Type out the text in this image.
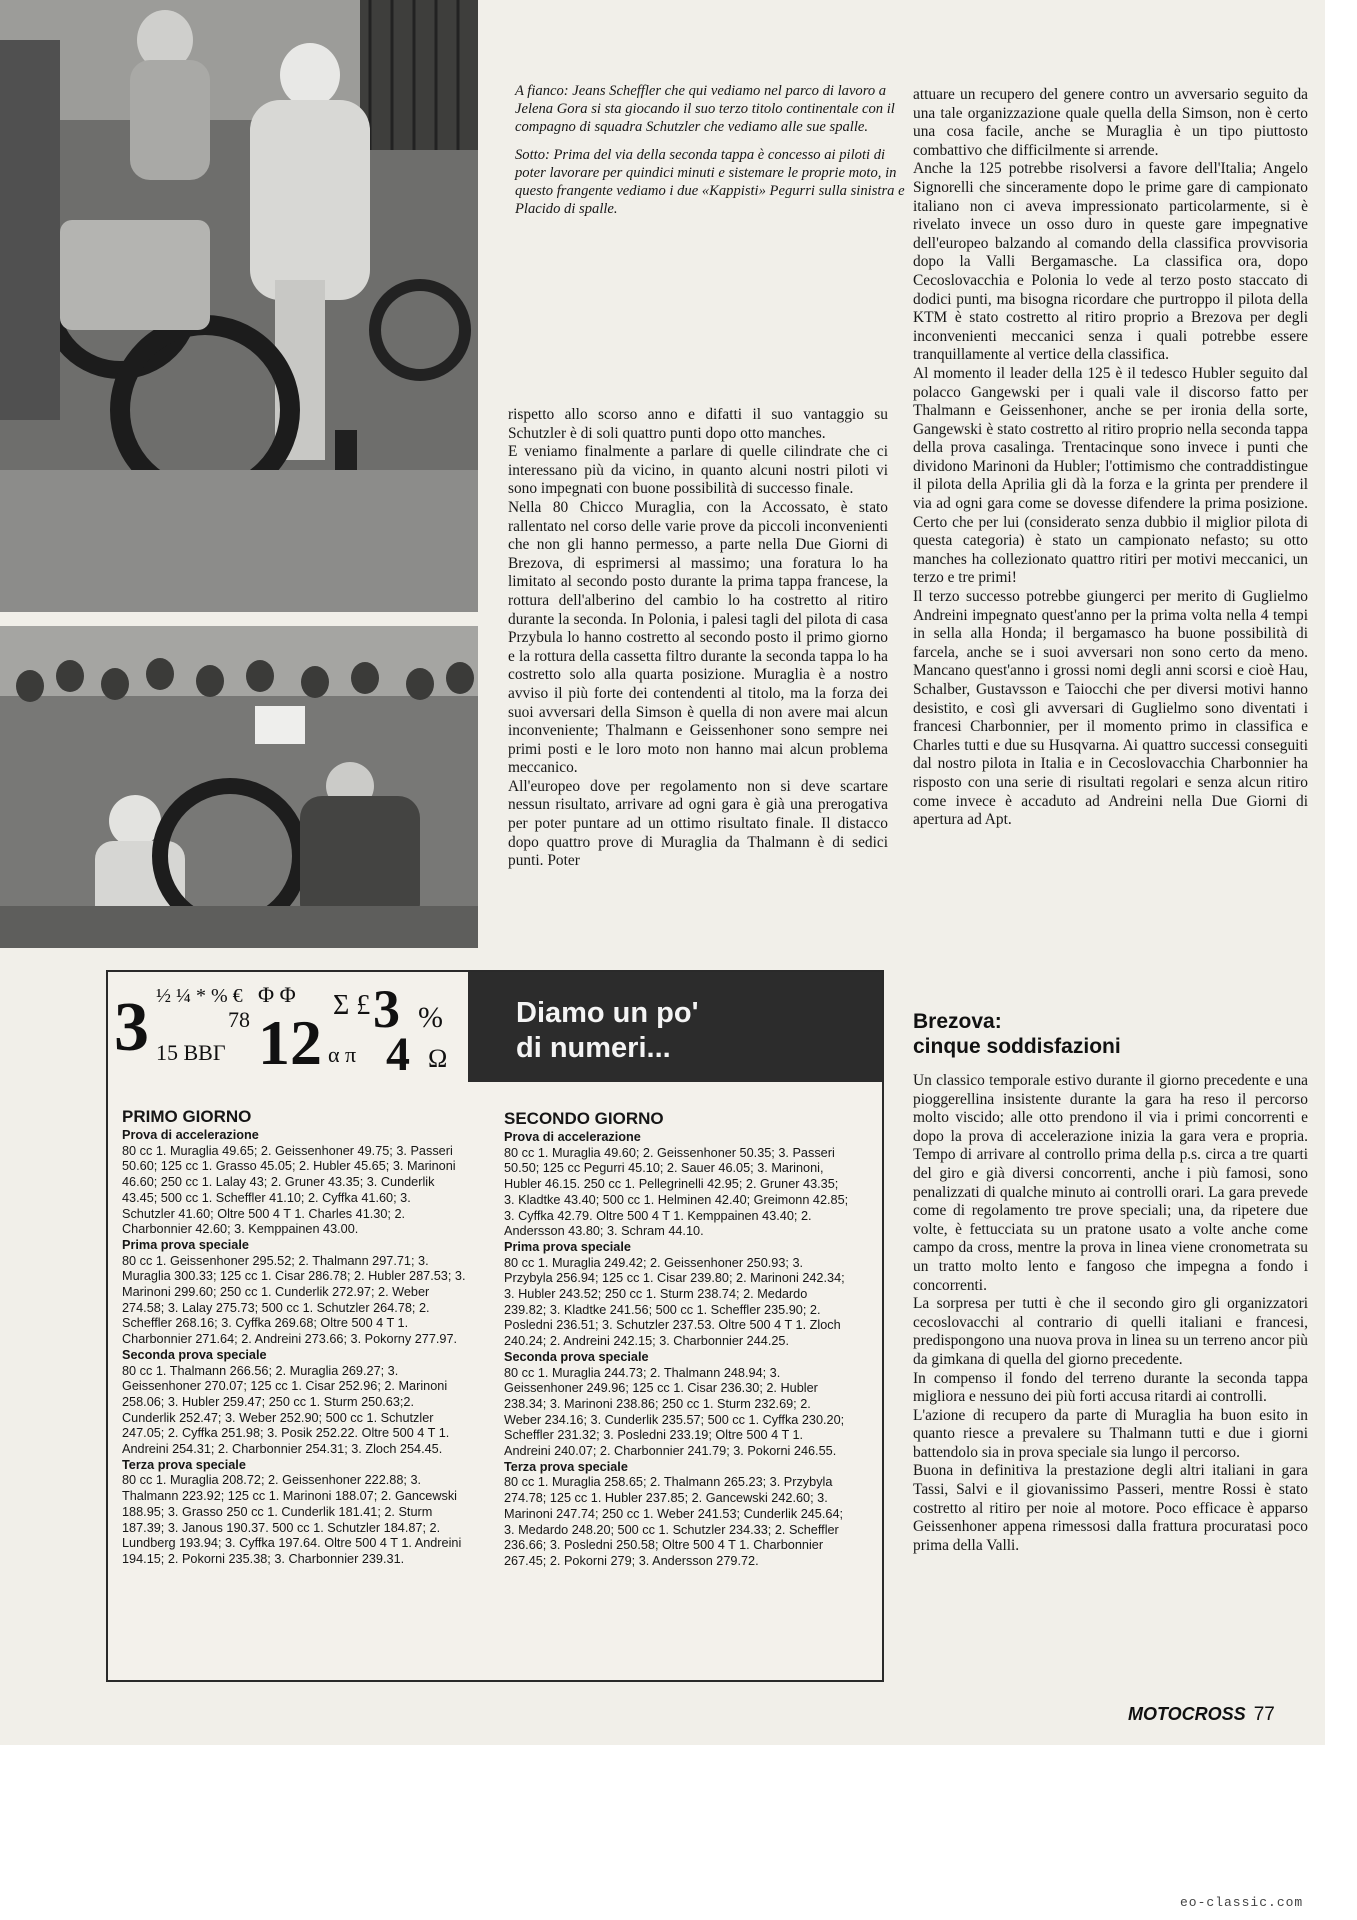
A fianco: Jeans Scheffler che qui vediamo nel parco di lavoro a Jelena Gora si sta giocando il suo terzo titolo continentale con il compagno di squadra Schutzler che vediamo alle sue spalle.

Sotto: Prima del via della seconda tappa è concesso ai piloti di poter lavorare per quindici minuti e sistemare le proprie moto, in questo frangente vediamo i due «Kappisti» Pegurri sulla sinistra e Placido di spalle.

rispetto allo scorso anno e difatti il suo vantaggio su Schutzler è di soli quattro punti dopo otto manches.

E veniamo finalmente a parlare di quelle cilindrate che ci interessano più da vicino, in quanto alcuni nostri piloti vi sono impegnati con buone possibilità di successo finale.

Nella 80 Chicco Muraglia, con la Accossato, è stato rallentato nel corso delle varie prove da piccoli inconvenienti che non gli hanno permesso, a parte nella Due Giorni di Brezova, di esprimersi al massimo; una foratura lo ha limitato al secondo posto durante la prima tappa francese, la rottura dell'alberino del cambio lo ha costretto al ritiro durante la seconda. In Polonia, i palesi tagli del pilota di casa Przybula lo hanno costretto al secondo posto il primo giorno e la rottura della cassetta filtro durante la seconda tappa lo ha costretto solo alla quarta posizione. Muraglia è a nostro avviso il più forte dei contendenti al titolo, ma la forza dei suoi avversari della Simson è quella di non avere mai alcun inconveniente; Thalmann e Geissenhoner sono sempre nei primi posti e le loro moto non hanno mai alcun problema meccanico.

All'europeo dove per regolamento non si deve scartare nessun risultato, arrivare ad ogni gara è già una prerogativa per poter puntare ad un ottimo risultato finale. Il distacco dopo quattro prove di Muraglia da Thalmann è di sedici punti. Poter

attuare un recupero del genere contro un avversario seguito da una tale organizzazione quale quella della Simson, non è certo una cosa facile, anche se Muraglia è un tipo piuttosto combattivo che difficilmente si arrende.

Anche la 125 potrebbe risolversi a favore dell'Italia; Angelo Signorelli che sinceramente dopo le prime gare di campionato italiano non ci aveva impressionato particolarmente, si è rivelato invece un osso duro in queste gare impegnative dell'europeo balzando al comando della classifica provvisoria dopo la Valli Bergamasche. La classifica ora, dopo Cecoslovacchia e Polonia lo vede al terzo posto staccato di dodici punti, ma bisogna ricordare che purtroppo il pilota della KTM è stato costretto al ritiro proprio a Brezova per degli inconvenienti meccanici senza i quali potrebbe essere tranquillamente al vertice della classifica.

Al momento il leader della 125 è il tedesco Hubler seguito dal polacco Gangewski per i quali vale il discorso fatto per Thalmann e Geissenhoner, anche se per ironia della sorte, Gangewski è stato costretto al ritiro proprio nella seconda tappa della prova casalinga. Trentacinque sono invece i punti che dividono Marinoni da Hubler; l'ottimismo che contraddistingue il pilota della Aprilia gli dà la forza e la grinta per prendere il via ad ogni gara come se dovesse difendere la prima posizione. Certo che per lui (considerato senza dubbio il miglior pilota di questa categoria) è stato un campionato nefasto; su otto manches ha collezionato quattro ritiri per motivi meccanici, un terzo e tre primi!

Il terzo successo potrebbe giungerci per merito di Guglielmo Andreini impegnato quest'anno per la prima volta nella 4 tempi in sella alla Honda; il bergamasco ha buone possibilità di farcela, anche se i suoi avversari non sono certo da meno. Mancano quest'anno i grossi nomi degli anni scorsi e cioè Hau, Schalber, Gustavsson e Taiocchi che per diversi motivi hanno desistito, e così gli avversari di Guglielmo sono diventati i francesi Charbonnier, per il momento primo in classifica e Charles tutti e due su Husqvarna. Ai quattro successi conseguiti dal nostro pilota in Italia e in Cecoslovacchia Charbonnier ha risposto con una serie di risultati regolari e senza alcun ritiro come invece è accaduto ad Andreini nella Due Giorni di apertura ad Apt.

Brezova:
cinque soddisfazioni

Un classico temporale estivo durante il giorno precedente e una pioggerellina insistente durante la gara ha reso il percorso molto viscido; alle otto prendono il via i primi concorrenti e dopo la prova di accelerazione inizia la gara vera e propria. Tempo di arrivare al controllo prima della p.s. circa a tre quarti del giro e già diversi concorrenti, anche i più famosi, sono penalizzati di qualche minuto ai controlli orari. La gara prevede come di regolamento tre prove speciali; una, da ripetere due volte, è fettucciata su un pratone usato a volte anche come campo da cross, mentre la prova in linea viene cronometrata su un tratto molto lento e fangoso che impegna a fondo i concorrenti.

La sorpresa per tutti è che il secondo giro gli organizzatori cecoslovacchi al contrario di quelli italiani e francesi, predispongono una nuova prova in linea su un terreno ancor più da gimkana di quella del giorno precedente.

In compenso il fondo del terreno durante la seconda tappa migliora e nessuno dei più forti accusa ritardi ai controlli.

L'azione di recupero da parte di Muraglia ha buon esito in quanto riesce a prevalere su Thalmann tutti e due i giorni battendolo sia in prova speciale sia lungo il percorso.

Buona in definitiva la prestazione degli altri italiani in gara Tassi, Salvi e il giovanissimo Passeri, mentre Rossi è stato costretto al ritiro per noie al motore. Poco efficace è apparso Geissenhoner appena rimessosi dalla frattura procuratasi poco prima della Valli.

3 ½ ¼ * % € Φ Φ
78
15 BBΓ 12
Σ £ 3
α π 4
%
Ω
Diamo un po'
di numeri...

PRIMO GIORNO

Prova di accelerazione

80 cc 1. Muraglia 49.65; 2. Geissenhoner 49.75; 3. Passeri 50.60; 125 cc 1. Grasso 45.05; 2. Hubler 45.65; 3. Marinoni 46.60; 250 cc 1. Lalay 43; 2. Gruner 43.35; 3. Cunderlik 43.45; 500 cc 1. Scheffler 41.10; 2. Cyffka 41.60; 3. Schutzler 41.60; Oltre 500 4 T 1. Charles 41.30; 2. Charbonnier 42.60; 3. Kemppainen 43.00.

Prima prova speciale

80 cc 1. Geissenhoner 295.52; 2. Thalmann 297.71; 3. Muraglia 300.33; 125 cc 1. Cisar 286.78; 2. Hubler 287.53; 3. Marinoni 299.60; 250 cc 1. Cunderlik 272.97; 2. Weber 274.58; 3. Lalay 275.73; 500 cc 1. Schutzler 264.78; 2. Scheffler 268.16; 3. Cyffka 269.68; Oltre 500 4 T 1. Charbonnier 271.64; 2. Andreini 273.66; 3. Pokorny 277.97.

Seconda prova speciale

80 cc 1. Thalmann 266.56; 2. Muraglia 269.27; 3. Geissenhoner 270.07; 125 cc 1. Cisar 252.96; 2. Marinoni 258.06; 3. Hubler 259.47; 250 cc 1. Sturm 250.63;2. Cunderlik 252.47; 3. Weber 252.90; 500 cc 1. Schutzler 247.05; 2. Cyffka 251.98; 3. Posik 252.22. Oltre 500 4 T 1. Andreini 254.31; 2. Charbonnier 254.31; 3. Zloch 254.45.

Terza prova speciale

80 cc 1. Muraglia 208.72; 2. Geissenhoner 222.88; 3. Thalmann 223.92; 125 cc 1. Marinoni 188.07; 2. Gancewski 188.95; 3. Grasso 250 cc 1. Cunderlik 181.41; 2. Sturm 187.39; 3. Janous 190.37. 500 cc 1. Schutzler 184.87; 2. Lundberg 193.94; 3. Cyffka 197.64. Oltre 500 4 T 1. Andreini 194.15; 2. Pokorni 235.38; 3. Charbonnier 239.31.

SECONDO GIORNO

Prova di accelerazione

80 cc 1. Muraglia 49.60; 2. Geissenhoner 50.35; 3. Passeri 50.50; 125 cc Pegurri 45.10; 2. Sauer 46.05; 3. Marinoni, Hubler 46.15. 250 cc 1. Pellegrinelli 42.95; 2. Gruner 43.35; 3. Kladtke 43.40; 500 cc 1. Helminen 42.40; Greimonn 42.85; 3. Cyffka 42.79. Oltre 500 4 T 1. Kemppainen 43.40; 2. Andersson 43.80; 3. Schram 44.10.

Prima prova speciale

80 cc 1. Muraglia 249.42; 2. Geissenhoner 250.93; 3. Przybyla 256.94; 125 cc 1. Cisar 239.80; 2. Marinoni 242.34; 3. Hubler 243.52; 250 cc 1. Sturm 238.74; 2. Medardo 239.82; 3. Kladtke 241.56; 500 cc 1. Scheffler 235.90; 2. Posledni 236.51; 3. Schutzler 237.53. Oltre 500 4 T 1. Zloch 240.24; 2. Andreini 242.15; 3. Charbonnier 244.25.

Seconda prova speciale

80 cc 1. Muraglia 244.73; 2. Thalmann 248.94; 3. Geissenhoner 249.96; 125 cc 1. Cisar 236.30; 2. Hubler 238.34; 3. Marinoni 238.86; 250 cc 1. Sturm 232.69; 2. Weber 234.16; 3. Cunderlik 235.57; 500 cc 1. Cyffka 230.20; Scheffler 231.32; 3. Posledni 233.19; Oltre 500 4 T 1. Andreini 240.07; 2. Charbonnier 241.79; 3. Pokorni 246.55.

Terza prova speciale

80 cc 1. Muraglia 258.65; 2. Thalmann 265.23; 3. Przybyla 274.78; 125 cc 1. Hubler 237.85; 2. Gancewski 242.60; 3. Marinoni 247.74; 250 cc 1. Weber 241.53; Cunderlik 245.64; 3. Medardo 248.20; 500 cc 1. Schutzler 234.33; 2. Scheffler 236.66; 3. Posledni 250.58; Oltre 500 4 T 1. Charbonnier 267.45; 2. Pokorni 279; 3. Andersson 279.72.

MOTOCROSS 77
eo-classic.com
